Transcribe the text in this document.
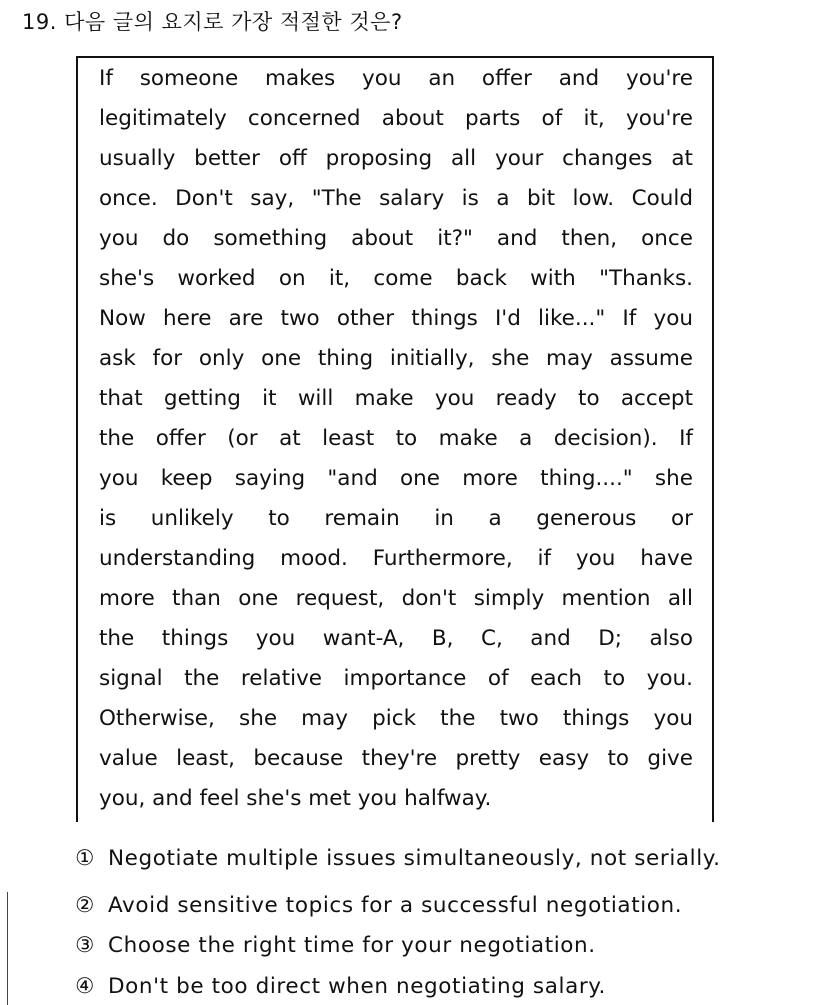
19. 다음 글의 요지로 가장 적절한 것은?
If someone makes you an offer and you're
legitimately concerned about parts of it, you're
usually better off proposing all your changes at
once. Don't say, "The salary is a bit low. Could
you do something about it?" and then, once
she's worked on it, come back with "Thanks.
Now here are two other things I'd like..." If you
ask for only one thing initially, she may assume
that getting it will make you ready to accept
the offer (or at least to make a decision). If
you keep saying "and one more thing...." she
is unlikely to remain in a generous or
understanding mood. Furthermore, if you have
more than one request, don't simply mention all
the things you want-A, B, C, and D; also
signal the relative importance of each to you.
Otherwise, she may pick the two things you
value least, because they're pretty easy to give
you, and feel she's met you halfway.
① Negotiate multiple issues simultaneously, not serially.
② Avoid sensitive topics for a successful negotiation.
③ Choose the right time for your negotiation.
④ Don't be too direct when negotiating salary.
